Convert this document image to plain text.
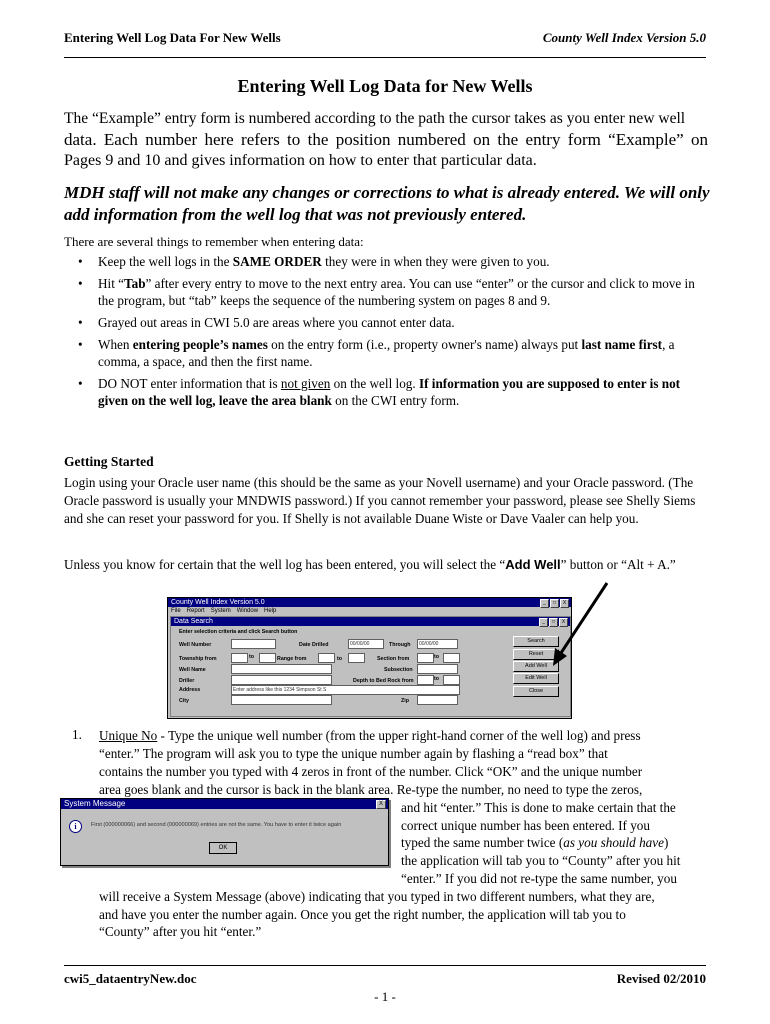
Entering Well Log Data For New Wells	County Well Index Version 5.0
Entering Well Log Data for New Wells
The “Example” entry form is numbered according to the path the cursor takes as you enter new well
data. Each number here refers to the position numbered on the entry form “Example” on
Pages 9 and 10 and gives information on how to enter that particular data.
MDH staff will not make any changes or corrections to what is already entered. We will only add information from the well log that was not previously entered.
There are several things to remember when entering data:
• Keep the well logs in the SAME ORDER they were in when they were given to you.
• Hit “Tab” after every entry to move to the next entry area. You can use “enter” or the cursor and click to move in the program, but “tab” keeps the sequence of the numbering system on pages 8 and 9.
• Grayed out areas in CWI 5.0 are areas where you cannot enter data.
• When entering people’s names on the entry form (i.e., property owner's name) always put last name first, a comma, a space, and then the first name.
• DO NOT enter information that is not given on the well log. If information you are supposed to enter is not given on the well log, leave the area blank on the CWI entry form.
Getting Started
Login using your Oracle user name (this should be the same as your Novell username) and your Oracle password. (The Oracle password is usually your MNDWIS password.) If you cannot remember your password, please see Shelly Siems and she can reset your password for you. If Shelly is not available Duane Wiste or Dave Vaaler can help you.
Unless you know for certain that the well log has been entered, you will select the “Add Well” button or “Alt + A.”
County Well Index Version 5.0	_	□	X
File Report System Window Help
Data Search	_	□	X
Enter selection criteria and click Search button
Well Number	Date Drilled	00/00/00	Through	00/00/00
Township from	to	Range from	to	Section from	to
Well Name	Subsection
Driller	Depth to Bed Rock from	to
Address	Enter address like this 1234 Simpson St S
City	Zip
Search
Reset
Add Well
Edit Well
Close
1. Unique No - Type the unique well number (from the upper right-hand corner of the well log) and press
“enter.” The program will ask you to type the unique number again by flashing a “read box” that
contains the number you typed with 4 zeros in front of the number. Click “OK” and the unique number
area goes blank and the cursor is back in the blank area. Re-type the number, no need to type the zeros,
and hit “enter.” This is done to make certain that the
correct unique number has been entered. If you
typed the same number twice (as you should have)
the application will tab you to “County” after you hit
“enter.” If you did not re-type the same number, you
will receive a System Message (above) indicating that you typed in two different numbers, what they are,
and have you enter the number again. Once you get the right number, the application will tab you to
“County” after you hit “enter.”
System Message	X
i	First (000000066) and second (000000069) entries are not the same. You have to enter it twice again
OK
cwi5_dataentryNew.doc	Revised 02/2010
- 1 -
